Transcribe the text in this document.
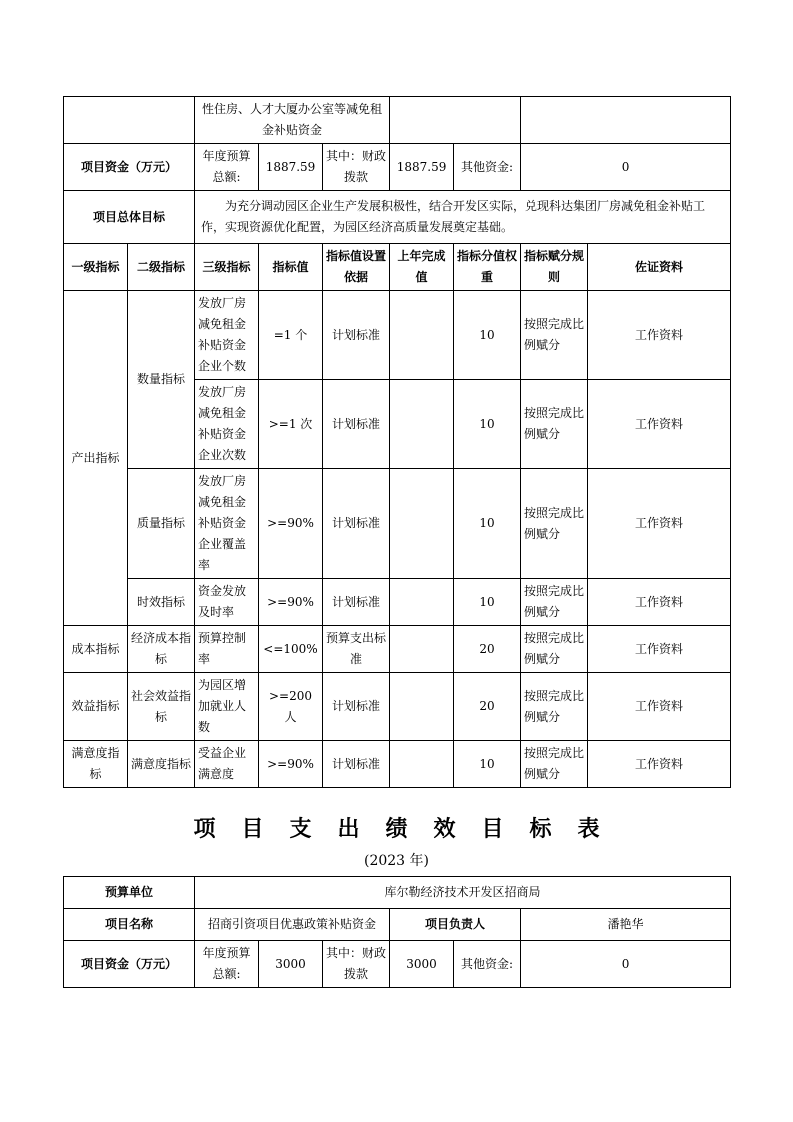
		性住房、人才大厦办公室等减免租金补贴资金						
项目资金（万元）		年度预算总额:	1887.59	其中：财政拨款	1887.59	其他资金:	0	
项目总体目标		为充分调动园区企业生产发展积极性，结合开发区实际，兑现科达集团厂房减免租金补贴工作，实现资源优化配置，为园区经济高质量发展奠定基础。						
一级指标	二级指标	三级指标	指标值	指标值设置依据	上年完成值	指标分值权重	指标赋分规则	佐证资料
产出指标	数量指标	发放厂房减免租金补贴资金企业个数	=1 个	计划标准		10	按照完成比例赋分	工作资料
		发放厂房减免租金补贴资金企业次数	>=1 次	计划标准		10	按照完成比例赋分	工作资料
	质量指标	发放厂房减免租金补贴资金企业覆盖率	>=90%	计划标准		10	按照完成比例赋分	工作资料
	时效指标	资金发放及时率	>=90%	计划标准		10	按照完成比例赋分	工作资料
成本指标	经济成本指标	预算控制率	<=100%	预算支出标准		20	按照完成比例赋分	工作资料
效益指标	社会效益指标	为园区增加就业人数	>=200 人	计划标准		20	按照完成比例赋分	工作资料
满意度指标	满意度指标	受益企业满意度	>=90%	计划标准		10	按照完成比例赋分	工作资料
项目支出绩效目标表
(2023 年)
预算单位	库尔勒经济技术开发区招商局					
项目名称	招商引资项目优惠政策补贴资金			项目负责人		潘艳华
项目资金（万元）	年度预算总额:	3000	其中：财政拨款	3000	其他资金:	0
